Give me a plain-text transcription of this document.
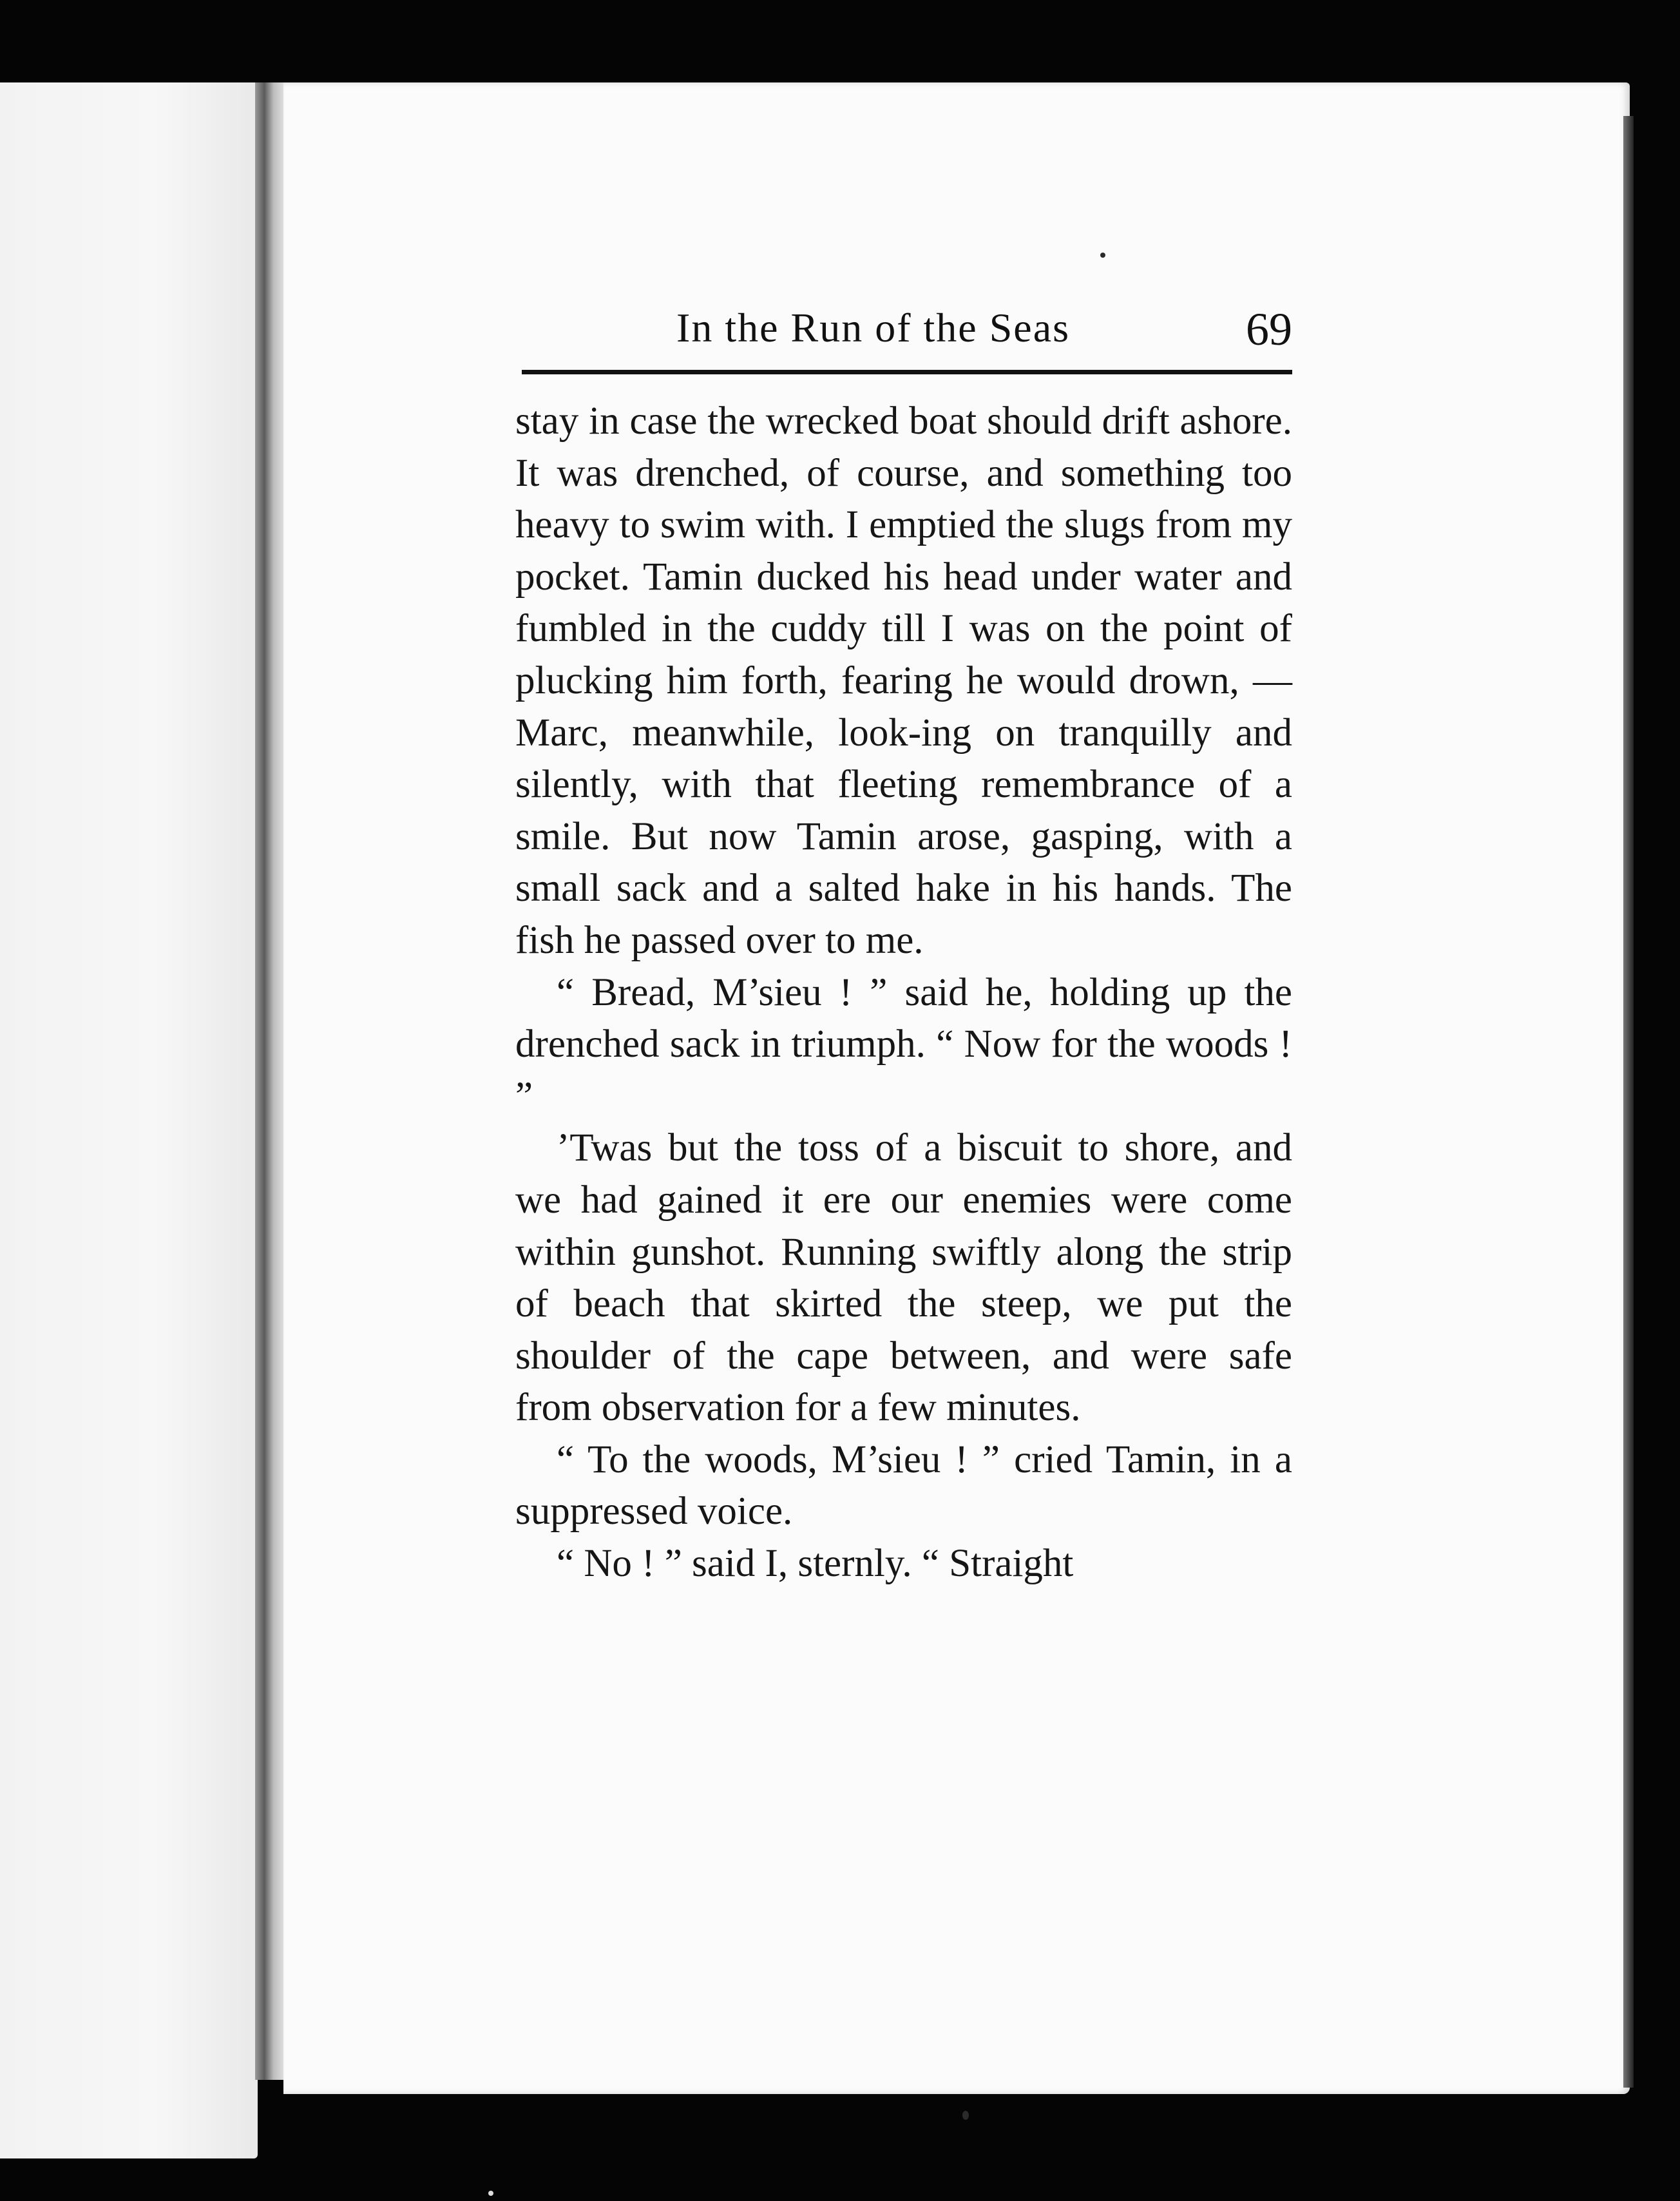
In the Run of the Seas	69

stay in case the wrecked boat should drift ashore. It was drenched, of course, and something too heavy to swim with. I emptied the slugs from my pocket. Tamin ducked his head under water and fumbled in the cuddy till I was on the point of plucking him forth, fearing he would drown, — Marc, meanwhile, look-ing on tranquilly and silently, with that fleeting remembrance of a smile. But now Tamin arose, gasping, with a small sack and a salted hake in his hands. The fish he passed over to me.

“ Bread, M’sieu ! ” said he, holding up the drenched sack in triumph. “ Now for the woods ! ”

’Twas but the toss of a biscuit to shore, and we had gained it ere our enemies were come within gunshot. Running swiftly along the strip of beach that skirted the steep, we put the shoulder of the cape between, and were safe from observation for a few minutes.

“ To the woods, M’sieu ! ” cried Tamin, in a suppressed voice.

“ No ! ” said I, sternly. “ Straight
